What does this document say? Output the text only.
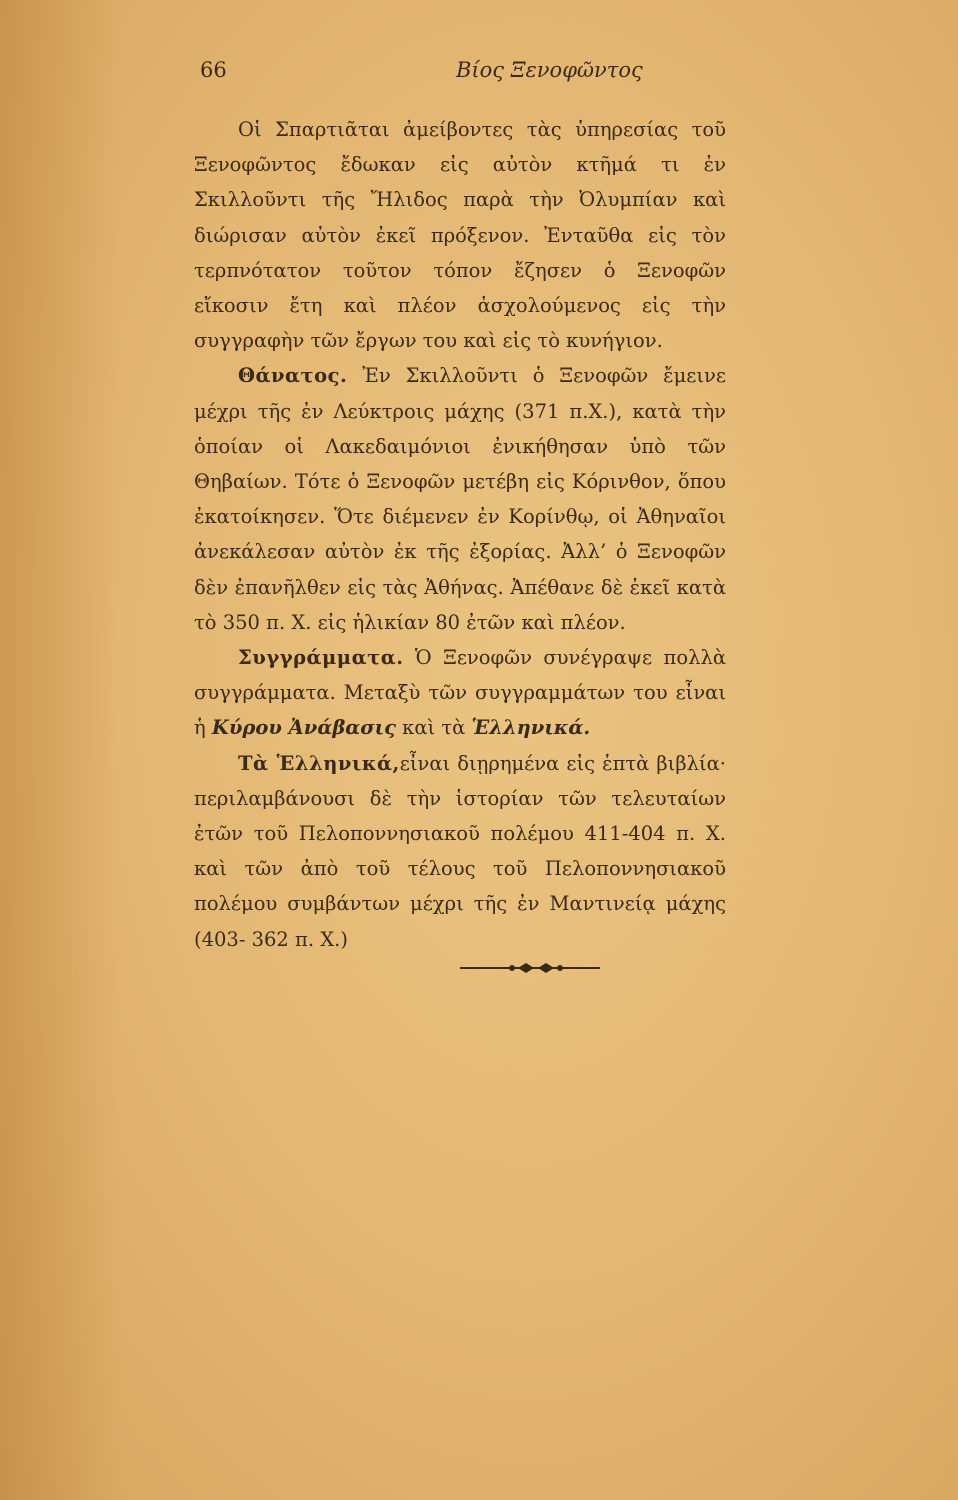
66	Βίος Ξενοφῶντος

Οἱ Σπαρτιᾶται ἀμείβοντες τὰς ὑπηρεσίας τοῦ Ξενοφῶντος ἔδωκαν εἰς αὐτὸν κτῆμά τι ἐν Σκιλλοῦντι τῆς Ἤλιδος παρὰ τὴν Ὀλυμπίαν καὶ διώρισαν αὐτὸν ἐκεῖ πρόξενον. Ἐνταῦθα εἰς τὸν τερπνότατον τοῦτον τόπον ἔζησεν ὁ Ξενοφῶν εἴκοσιν ἔτη καὶ πλέον ἀσχολούμενος εἰς τὴν συγγραφὴν τῶν ἔργων του καὶ εἰς τὸ κυνήγιον.

Θάνατος. Ἐν Σκιλλοῦντι ὁ Ξενοφῶν ἔμεινε μέχρι τῆς ἐν Λεύκτροις μάχης (371 π.Χ.), κατὰ τὴν ὁποίαν οἱ Λακεδαιμόνιοι ἐνικήθησαν ὑπὸ τῶν Θηβαίων. Τότε ὁ Ξενοφῶν μετέβη εἰς Κόρινθον, ὅπου ἐκατοίκησεν. Ὅτε διέμενεν ἐν Κορίνθῳ, οἱ Ἀθηναῖοι ἀνεκάλεσαν αὐτὸν ἐκ τῆς ἐξορίας. Ἀλλ’ ὁ Ξενοφῶν δὲν ἐπανῆλθεν εἰς τὰς Ἀθήνας. Ἀπέθανε δὲ ἐκεῖ κατὰ τὸ 350 π. Χ. εἰς ἡλικίαν 80 ἐτῶν καὶ πλέον.

Συγγράμματα. Ὁ Ξενοφῶν συνέγραψε πολλὰ συγγράμματα. Μεταξὺ τῶν συγγραμμάτων του εἶναι ἡ Κύρου Ἀνάβασις καὶ τὰ Ἑλληνικά.

Τὰ Ἑλληνικά,εἶναι διῃρημένα εἰς ἑπτὰ βιβλία· περιλαμβάνουσι δὲ τὴν ἱστορίαν τῶν τελευταίων ἐτῶν τοῦ Πελοποννησιακοῦ πολέμου 411-404 π. Χ. καὶ τῶν ἀπὸ τοῦ τέλους τοῦ Πελοποννησιακοῦ πολέμου συμβάντων μέχρι τῆς ἐν Μαντινείᾳ μάχης (403- 362 π. Χ.)
